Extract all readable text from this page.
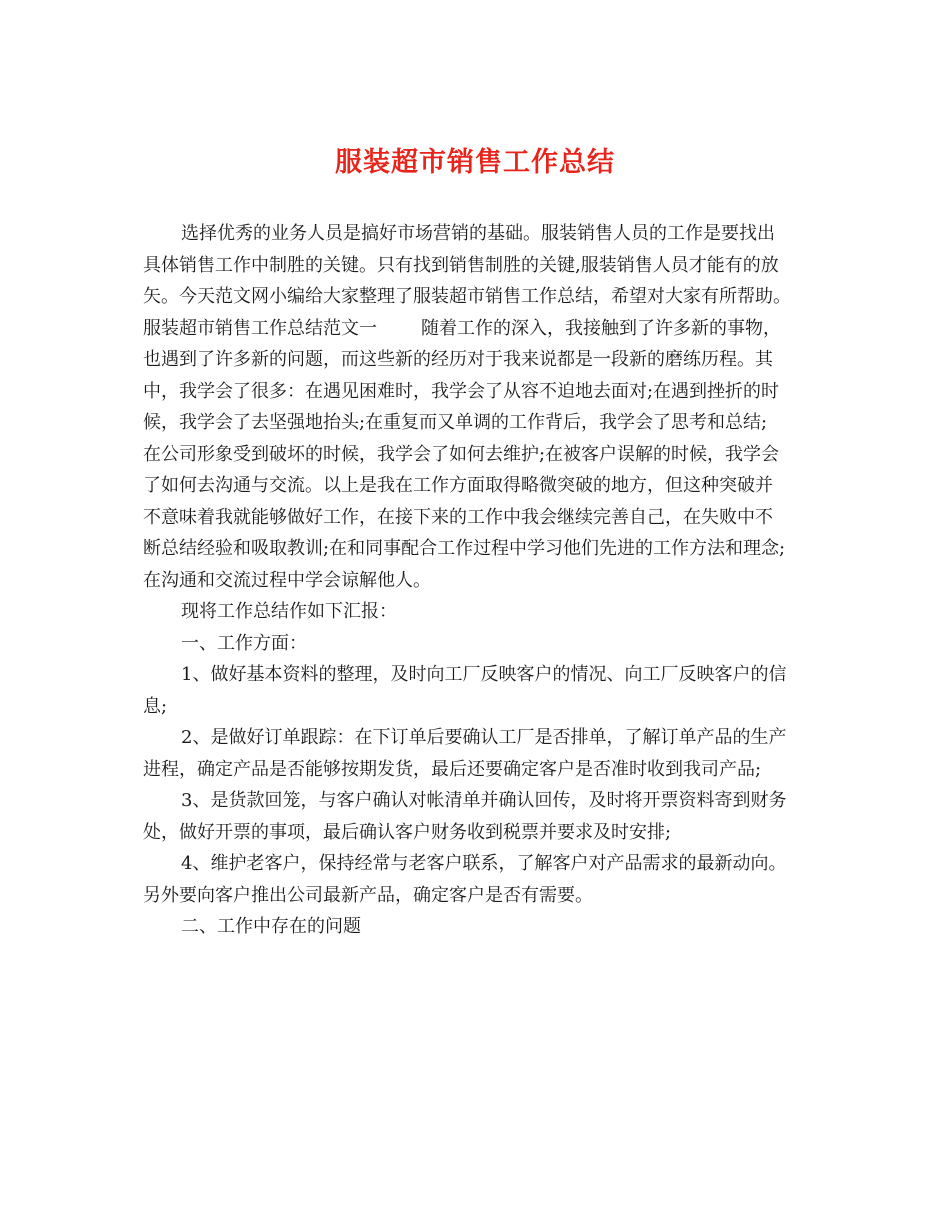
服装超市销售工作总结
选择优秀的业务人员是搞好市场营销的基础。服装销售人员的工作是要找出
具体销售工作中制胜的关键。只有找到销售制胜的关键,服装销售人员才能有的放
矢。今天范文网小编给大家整理了服装超市销售工作总结，希望对大家有所帮助。
服装超市销售工作总结范文一 随着工作的深入，我接触到了许多新的事物，
也遇到了许多新的问题，而这些新的经历对于我来说都是一段新的磨练历程。其
中，我学会了很多：在遇见困难时，我学会了从容不迫地去面对;在遇到挫折的时
候，我学会了去坚强地抬头;在重复而又单调的工作背后，我学会了思考和总结;
在公司形象受到破坏的时候，我学会了如何去维护;在被客户误解的时候，我学会
了如何去沟通与交流。以上是我在工作方面取得略微突破的地方，但这种突破并
不意味着我就能够做好工作，在接下来的工作中我会继续完善自己，在失败中不
断总结经验和吸取教训;在和同事配合工作过程中学习他们先进的工作方法和理念;
在沟通和交流过程中学会谅解他人。
现将工作总结作如下汇报：
一、工作方面：
1、做好基本资料的整理，及时向工厂反映客户的情况、向工厂反映客户的信
息;
2、是做好订单跟踪：在下订单后要确认工厂是否排单，了解订单产品的生产
进程，确定产品是否能够按期发货，最后还要确定客户是否准时收到我司产品;
3、是货款回笼，与客户确认对帐清单并确认回传，及时将开票资料寄到财务
处，做好开票的事项，最后确认客户财务收到税票并要求及时安排;
4、维护老客户，保持经常与老客户联系，了解客户对产品需求的最新动向。
另外要向客户推出公司最新产品，确定客户是否有需要。
二、工作中存在的问题
